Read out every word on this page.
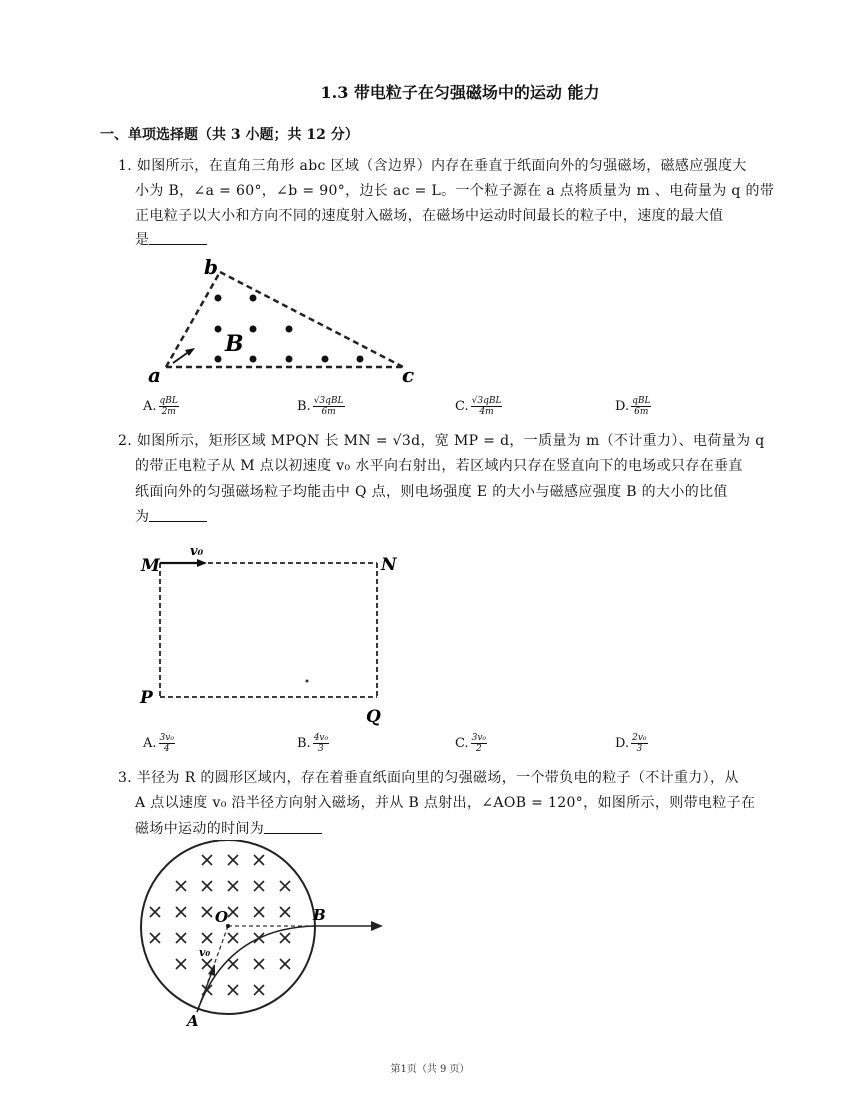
1.3 带电粒子在匀强磁场中的运动 能力
一、单项选择题（共 3 小题；共 12 分）
1. 如图所示，在直角三角形 abc 区域（含边界）内存在垂直于纸面向外的匀强磁场，磁感应强度大
小为 B，∠a = 60°，∠b = 90°，边长 ac = L。一个粒子源在 a 点将质量为 m 、电荷量为 q 的带
正电粒子以大小和方向不同的速度射入磁场，在磁场中运动时间最长的粒子中，速度的最大值
是
b
a	c
B
A. $\frac{\text{qBL}}{2m}$	B. $\frac{\text{√3qBL}}{6m}$	C. $\frac{\text{√3qBL}}{4m}$	D. $\frac{\text{qBL}}{6m}$
2. 如图所示，矩形区域 MPQN 长 MN = √3d，宽 MP = d，一质量为 m（不计重力）、电荷量为 q
的带正电粒子从 M 点以初速度 v₀ 水平向右射出，若区域内只存在竖直向下的电场或只存在垂直
纸面向外的匀强磁场粒子均能击中 Q 点，则电场强度 E 的大小与磁感应强度 B 的大小的比值
为
M	N
P
Q
v₀
A. $\frac{\text{3v₀}}{4}$	B. $\frac{\text{4v₀}}{3}$	C. $\frac{\text{3v₀}}{2}$	D. $\frac{\text{2v₀}}{3}$
3. 半径为 R 的圆形区域内，存在着垂直纸面向里的匀强磁场，一个带负电的粒子（不计重力），从
A 点以速度 v₀ 沿半径方向射入磁场，并从 B 点射出，∠AOB = 120°，如图所示，则带电粒子在
磁场中运动的时间为
O	B
A
v₀
第1页（共 9 页）
